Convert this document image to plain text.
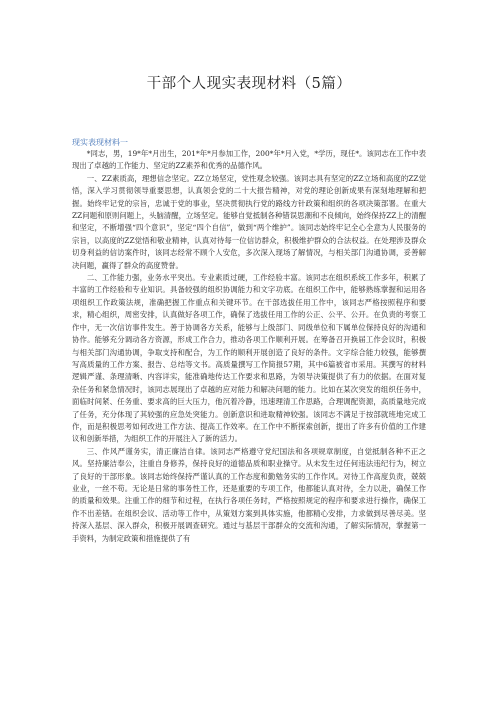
干部个人现实表现材料（5篇）
现实表现材料一

*同志，男，19*年*月出生，201*年*月参加工作，200*年*月入党，*学历，现任*。该同志在工作中表现出了卓越的工作能力、坚定的ZZ素养和优秀的品德作风。

一、ZZ素质高，理想信念坚定。ZZ立场坚定，党性观念较强。该同志具有坚定的ZZ立场和高度的ZZ觉悟，深入学习贯彻领导重要思想，认真领会党的二十大报告精神，对党的理论创新成果有深刻地理解和把握。始终牢记党的宗旨，忠诚于党的事业，坚决贯彻执行党的路线方针政策和组织的各项决策部署。在重大ZZ问题和原则问题上，头脑清醒，立场坚定。能够自觉抵制各种错误思潮和不良倾向，始终保持ZZ上的清醒和坚定，不断增强“四个意识”，坚定“四个自信”，做到“两个维护”。该同志始终牢记全心全意为人民服务的宗旨，以高度的ZZ觉悟和敬业精神，认真对待每一位信访群众，积极维护群众的合法权益。在处理涉及群众切身利益的信访案件时，该同志经常不顾个人安危，多次深入现场了解情况，与相关部门沟通协调，妥善解决问题，赢得了群众的高度赞誉。

二、工作能力强，业务水平突出。专业素质过硬，工作经验丰富。该同志在组织系统工作多年，积累了丰富的工作经验和专业知识。具备较强的组织协调能力和文字功底。在组织工作中，能够熟练掌握和运用各项组织工作政策法规，准确把握工作重点和关键环节。在干部选拔任用工作中，该同志严格按照程序和要求，精心组织，周密安排，认真做好各项工作，确保了选拔任用工作的公正、公平、公开。在负责的考察工作中，无一次信访事件发生。善于协调各方关系，能够与上级部门、同级单位和下属单位保持良好的沟通和协作。能够充分调动各方资源，形成工作合力，推动各项工作顺利开展。在筹备召开换届工作会议时，积极与相关部门沟通协调，争取支持和配合，为工作的顺利开展创造了良好的条件。文字综合能力较强，能够撰写高质量的工作方案、报告、总结等文书。高质量撰写工作简报57期，其中6篇被省市采用。其撰写的材料逻辑严谨、条理清晰、内容详实，能准确地传达工作要求和思路，为领导决策提供了有力的依据。在面对复杂任务和紧急情况时，该同志展现出了卓越的应对能力和解决问题的能力。比如在某次突发的组织任务中，面临时间紧、任务重、要求高的巨大压力，他沉着冷静，迅速理清工作思路，合理调配资源，高质量地完成了任务，充分体现了其较强的应急处突能力。创新意识和进取精神较强。该同志不满足于按部就班地完成工作，而是积极思考如何改进工作方法、提高工作效率。在工作中不断探索创新，提出了许多有价值的工作建议和创新举措，为组织工作的开展注入了新的活力。

三、作风严谨务实，清正廉洁自律。该同志严格遵守党纪国法和各项规章制度，自觉抵制各种不正之风。坚持廉洁奉公，注重自身修养，保持良好的道德品质和职业操守。从未发生过任何违法违纪行为，树立了良好的干部形象。该同志始终保持严谨认真的工作态度和勤勉务实的工作作风。对待工作高度负责，兢兢业业，一丝不苟。无论是日常的事务性工作，还是重要的专项工作，他都能认真对待，全力以赴，确保工作的质量和效果。注重工作的细节和过程，在执行各项任务时，严格按照规定的程序和要求进行操作，确保工作不出差错。在组织会议、活动等工作中，从策划方案到具体实施，他都精心安排，力求做到尽善尽美。坚持深入基层、深入群众，积极开展调查研究。通过与基层干部群众的交流和沟通，了解实际情况，掌握第一手资料，为制定政策和措施提供了有
